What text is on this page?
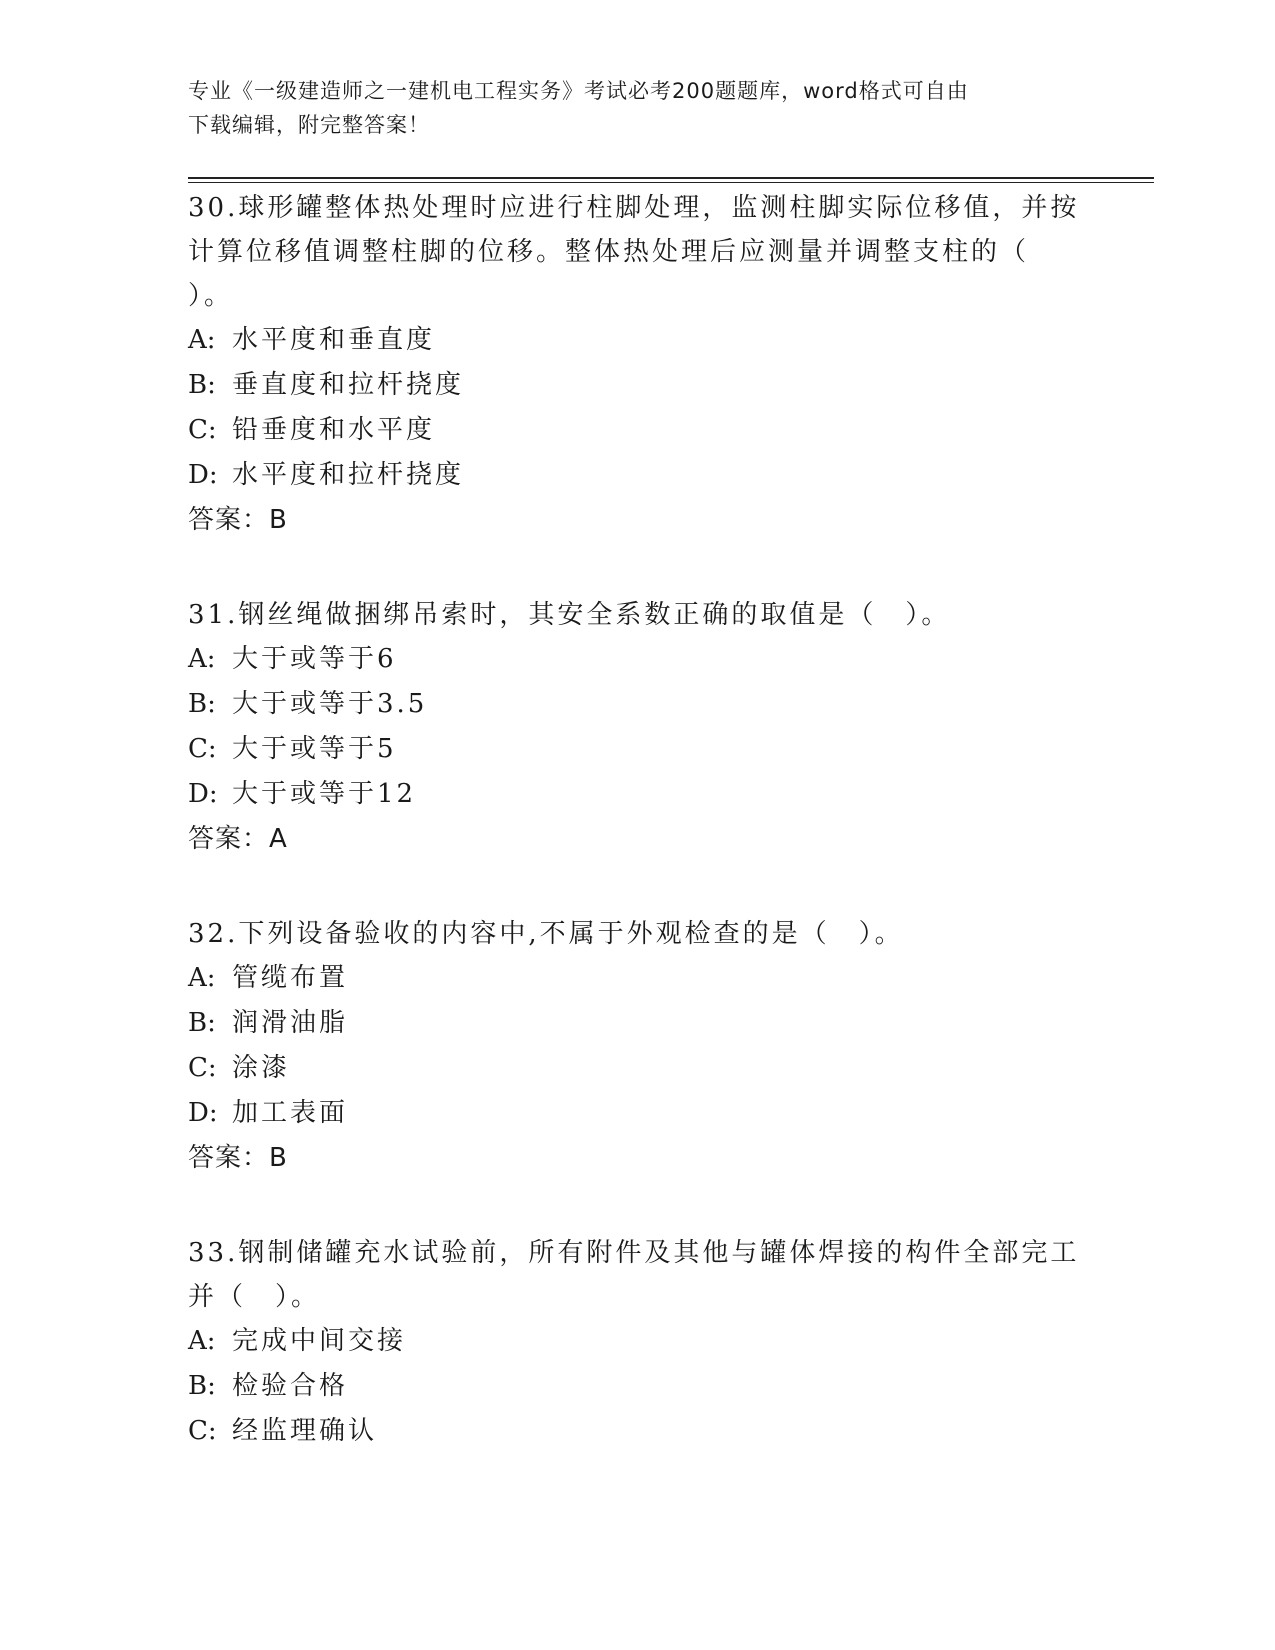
专业《一级建造师之一建机电工程实务》考试必考200题题库，word格式可自由
下载编辑，附完整答案！
30.球形罐整体热处理时应进行柱脚处理，监测柱脚实际位移值，并按
计算位移值调整柱脚的位移。整体热处理后应测量并调整支柱的（
）。
A: 水平度和垂直度
B: 垂直度和拉杆挠度
C: 铅垂度和水平度
D: 水平度和拉杆挠度
答案：B
31.钢丝绳做捆绑吊索时，其安全系数正确的取值是（　）。
A: 大于或等于6
B: 大于或等于3.5
C: 大于或等于5
D: 大于或等于12
答案：A
32.下列设备验收的内容中,不属于外观检查的是（　）。
A: 管缆布置
B: 润滑油脂
C: 涂漆
D: 加工表面
答案：B
33.钢制储罐充水试验前，所有附件及其他与罐体焊接的构件全部完工
并（　）。
A: 完成中间交接
B: 检验合格
C: 经监理确认
